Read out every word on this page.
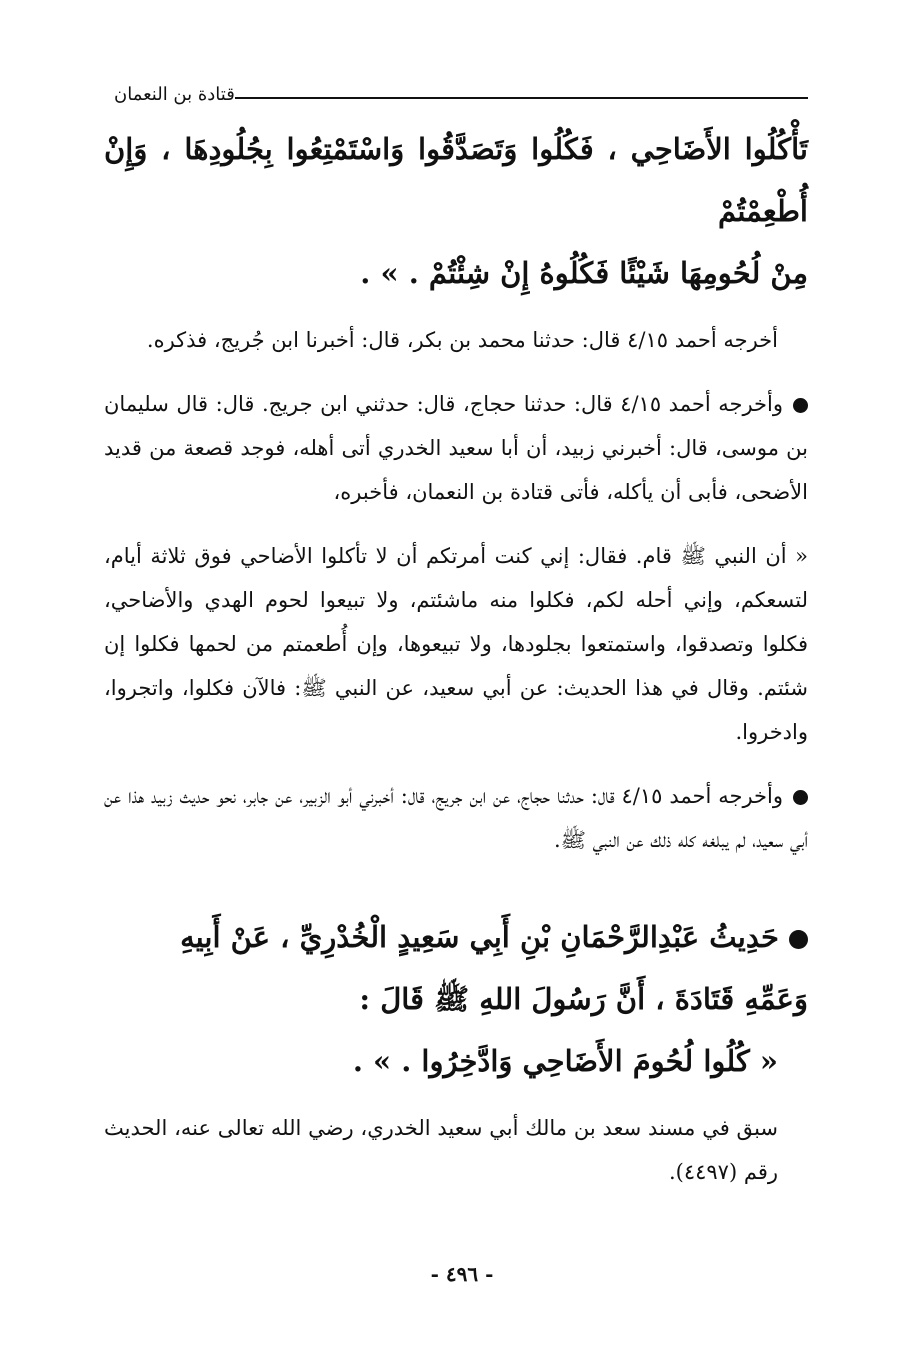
قتادة بن النعمان

تَأْكُلُوا الأَضَاحِي ، فَكُلُوا وَتَصَدَّقُوا وَاسْتَمْتِعُوا بِجُلُودِهَا ، وَإِنْ أُطْعِمْتُمْ

مِنْ لُحُومِهَا شَيْئًا فَكُلُوهُ إِنْ شِئْتُمْ . » .

أخرجه أحمد ٤/١٥ قال: حدثنا محمد بن بكر، قال: أخبرنا ابن جُريج، فذكره.

وأخرجه أحمد ٤/١٥ قال: حدثنا حجاج، قال: حدثني ابن جريج. قال: قال سليمان بن موسى، قال: أخبرني زبيد، أن أبا سعيد الخدري أتى أهله، فوجد قصعة من قديد الأضحى، فأبى أن يأكله، فأتى قتادة بن النعمان، فأخبره،

« أن النبي ﷺ قام. فقال: إني كنت أمرتكم أن لا تأكلوا الأضاحي فوق ثلاثة أيام، لتسعكم، وإني أحله لكم، فكلوا منه ماشئتم، ولا تبيعوا لحوم الهدي والأضاحي، فكلوا وتصدقوا، واستمتعوا بجلودها، ولا تبيعوها، وإن أُطعمتم من لحمها فكلوا إن شئتم. وقال في هذا الحديث: عن أبي سعيد، عن النبي ﷺ: فالآن فكلوا، واتجروا، وادخروا.

وأخرجه أحمد ٤/١٥ قال: حدثنا حجاج، عن ابن جريج، قال: أخبرني أبو الزبير، عن جابر، نحو حديث زبيد هذا عن أبي سعيد، لم يبلغه كله ذلك عن النبي ﷺ.

حَدِيثُ عَبْدِالرَّحْمَانِ بْنِ أَبِي سَعِيدٍ الْخُدْرِيِّ ، عَنْ أَبِيهِ

وَعَمِّهِ قَتَادَةَ ، أَنَّ رَسُولَ اللهِ ﷺ قَالَ :

« كُلُوا لُحُومَ الأَضَاحِي وَادَّخِرُوا . » .

سبق في مسند سعد بن مالك أبي سعيد الخدري، رضي الله تعالى عنه، الحديث رقم (٤٤٩٧).

- ٤٩٦ -
